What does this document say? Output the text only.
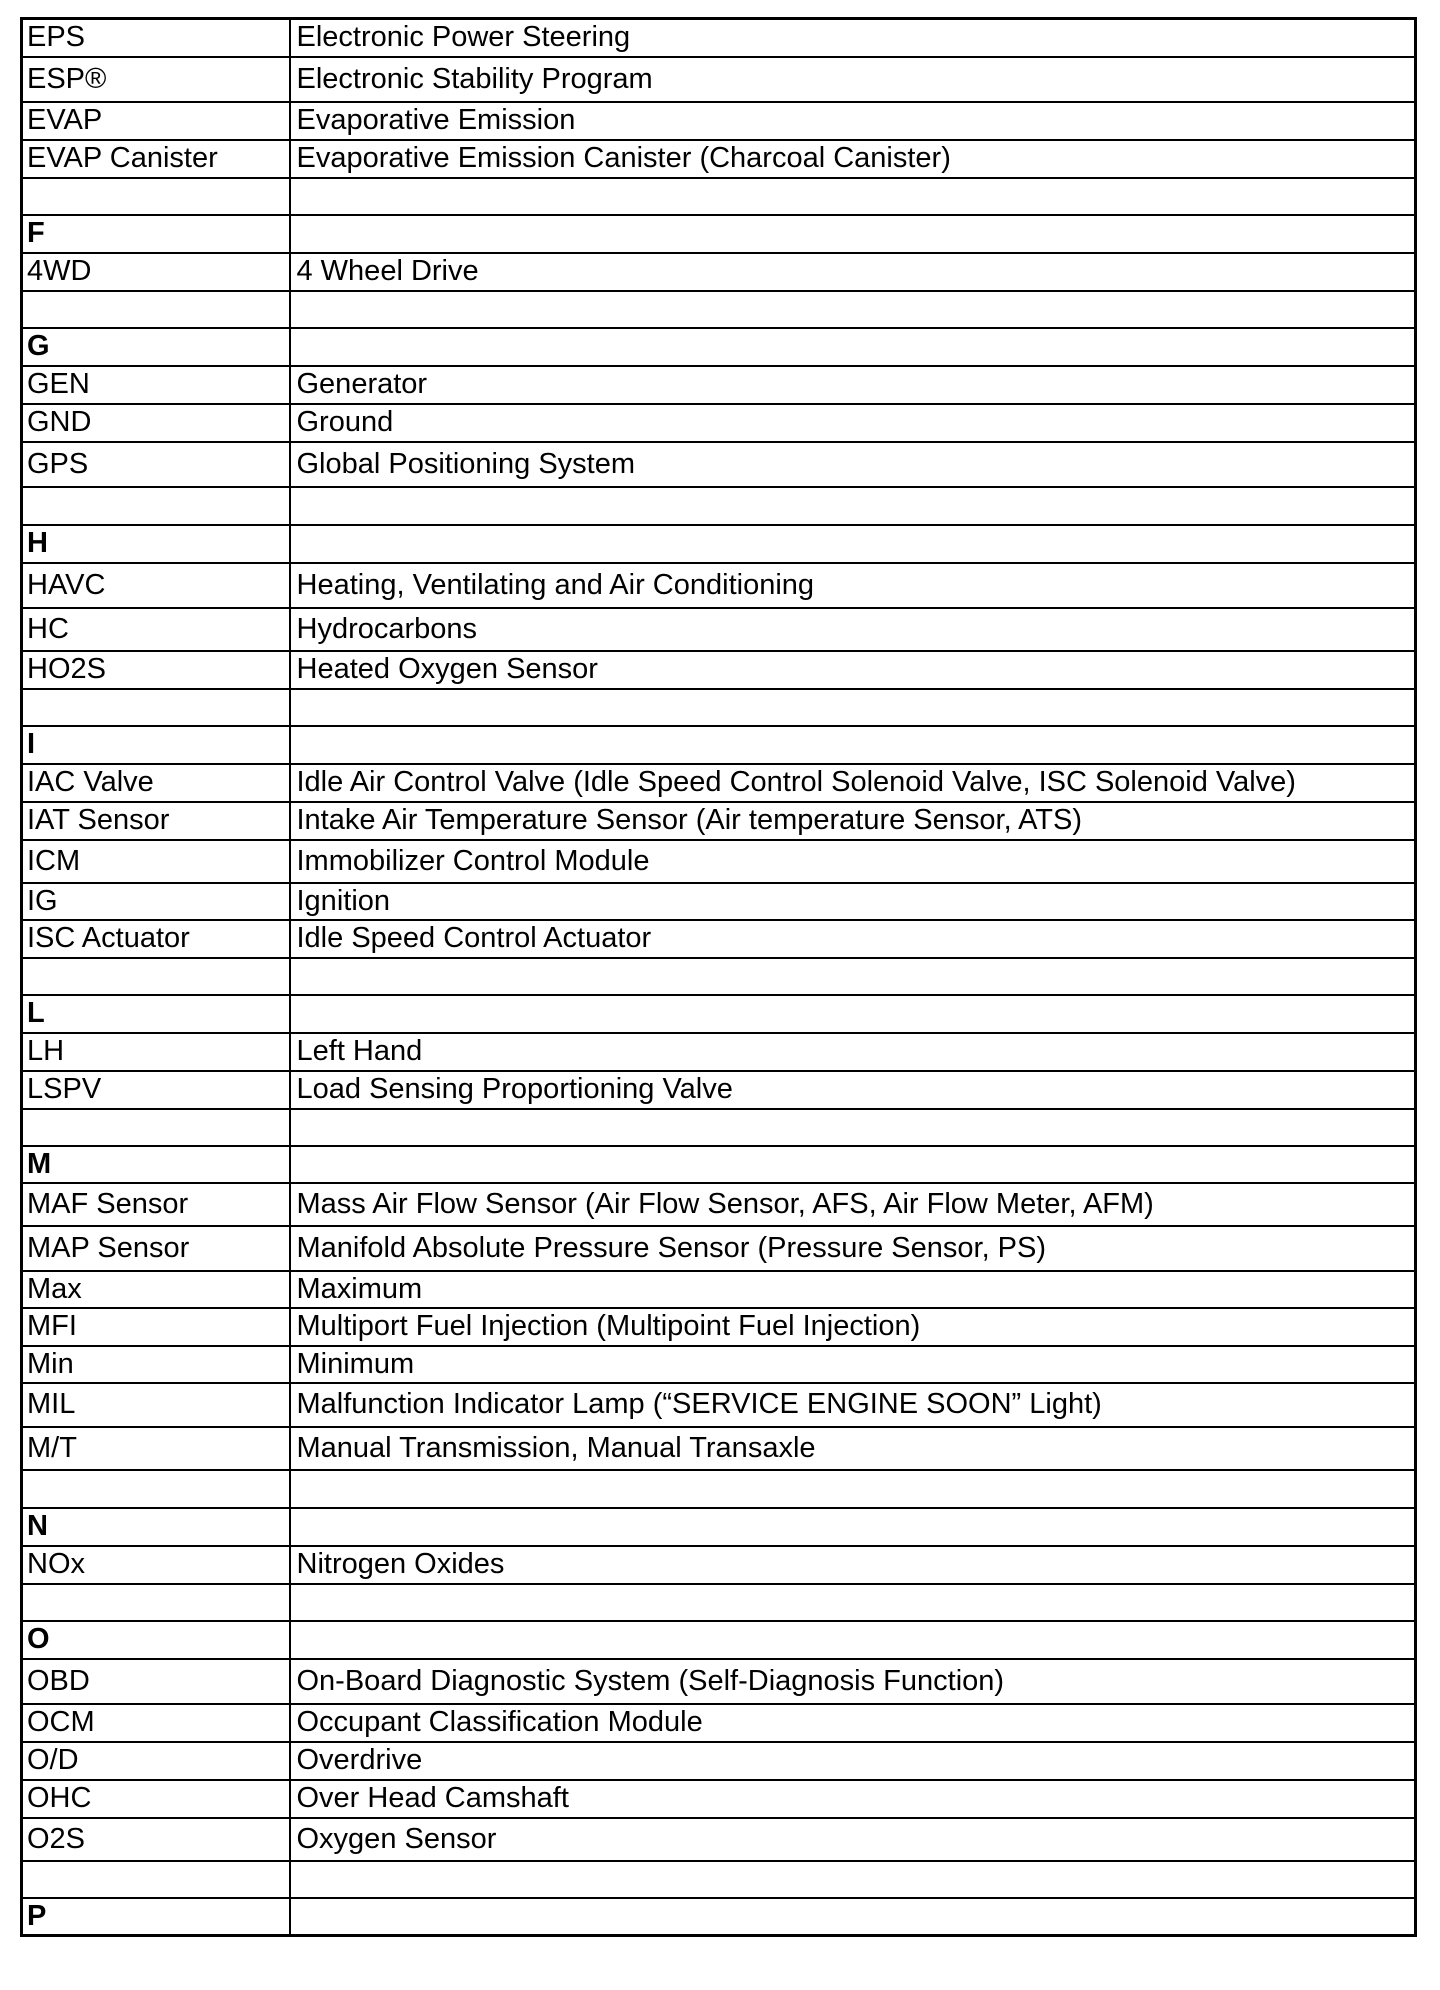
EPS	Electronic Power Steering
ESP®	Electronic Stability Program
EVAP	Evaporative Emission
EVAP Canister	Evaporative Emission Canister (Charcoal Canister)

F	
4WD	4 Wheel Drive

G	
GEN	Generator
GND	Ground
GPS	Global Positioning System

H	
HAVC	Heating, Ventilating and Air Conditioning
HC	Hydrocarbons
HO2S	Heated Oxygen Sensor

I	
IAC Valve	Idle Air Control Valve (Idle Speed Control Solenoid Valve, ISC Solenoid Valve)
IAT Sensor	Intake Air Temperature Sensor (Air temperature Sensor, ATS)
ICM	Immobilizer Control Module
IG	Ignition
ISC Actuator	Idle Speed Control Actuator

L	
LH	Left Hand
LSPV	Load Sensing Proportioning Valve

M	
MAF Sensor	Mass Air Flow Sensor (Air Flow Sensor, AFS, Air Flow Meter, AFM)
MAP Sensor	Manifold Absolute Pressure Sensor (Pressure Sensor, PS)
Max	Maximum
MFI	Multiport Fuel Injection (Multipoint Fuel Injection)
Min	Minimum
MIL	Malfunction Indicator Lamp (“SERVICE ENGINE SOON” Light)
M/T	Manual Transmission, Manual Transaxle

N	
NOx	Nitrogen Oxides

O	
OBD	On-Board Diagnostic System (Self-Diagnosis Function)
OCM	Occupant Classification Module
O/D	Overdrive
OHC	Over Head Camshaft
O2S	Oxygen Sensor

P	
